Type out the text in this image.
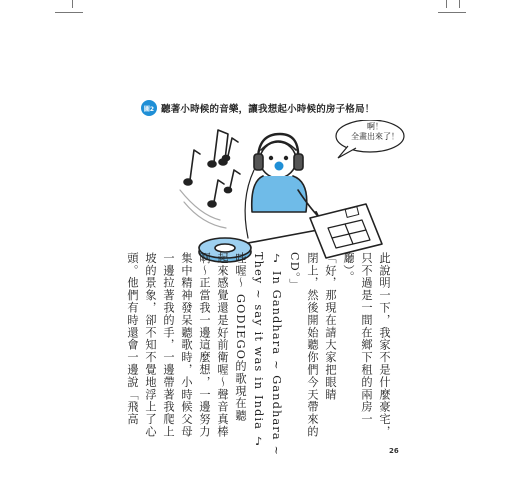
圖2 聽著小時候的音樂，讓我想起小時候的房子格局！
啊！
全畫出來了！
此說明一下，我家不是什麼豪宅，
只不過是一間在鄉下租的兩房一
廳）。
「好，那現在請大家把眼睛
閉上，然後開始聽你們今天帶來的
CD。」
♪ In Gandhara ~ Gandhara ~
They ~ say it was in India ♪
哇喔～ GODIEGO的歌現在聽
起來感覺還是好前衛喔～聲音真棒
啊～正當我一邊這麼想，一邊努力
集中精神發呆聽歌時，小時候父母
一邊拉著我的手，一邊帶著我爬上
坡的景象，卻不知不覺地浮上了心
頭。他們有時還會一邊說「飛高
26
